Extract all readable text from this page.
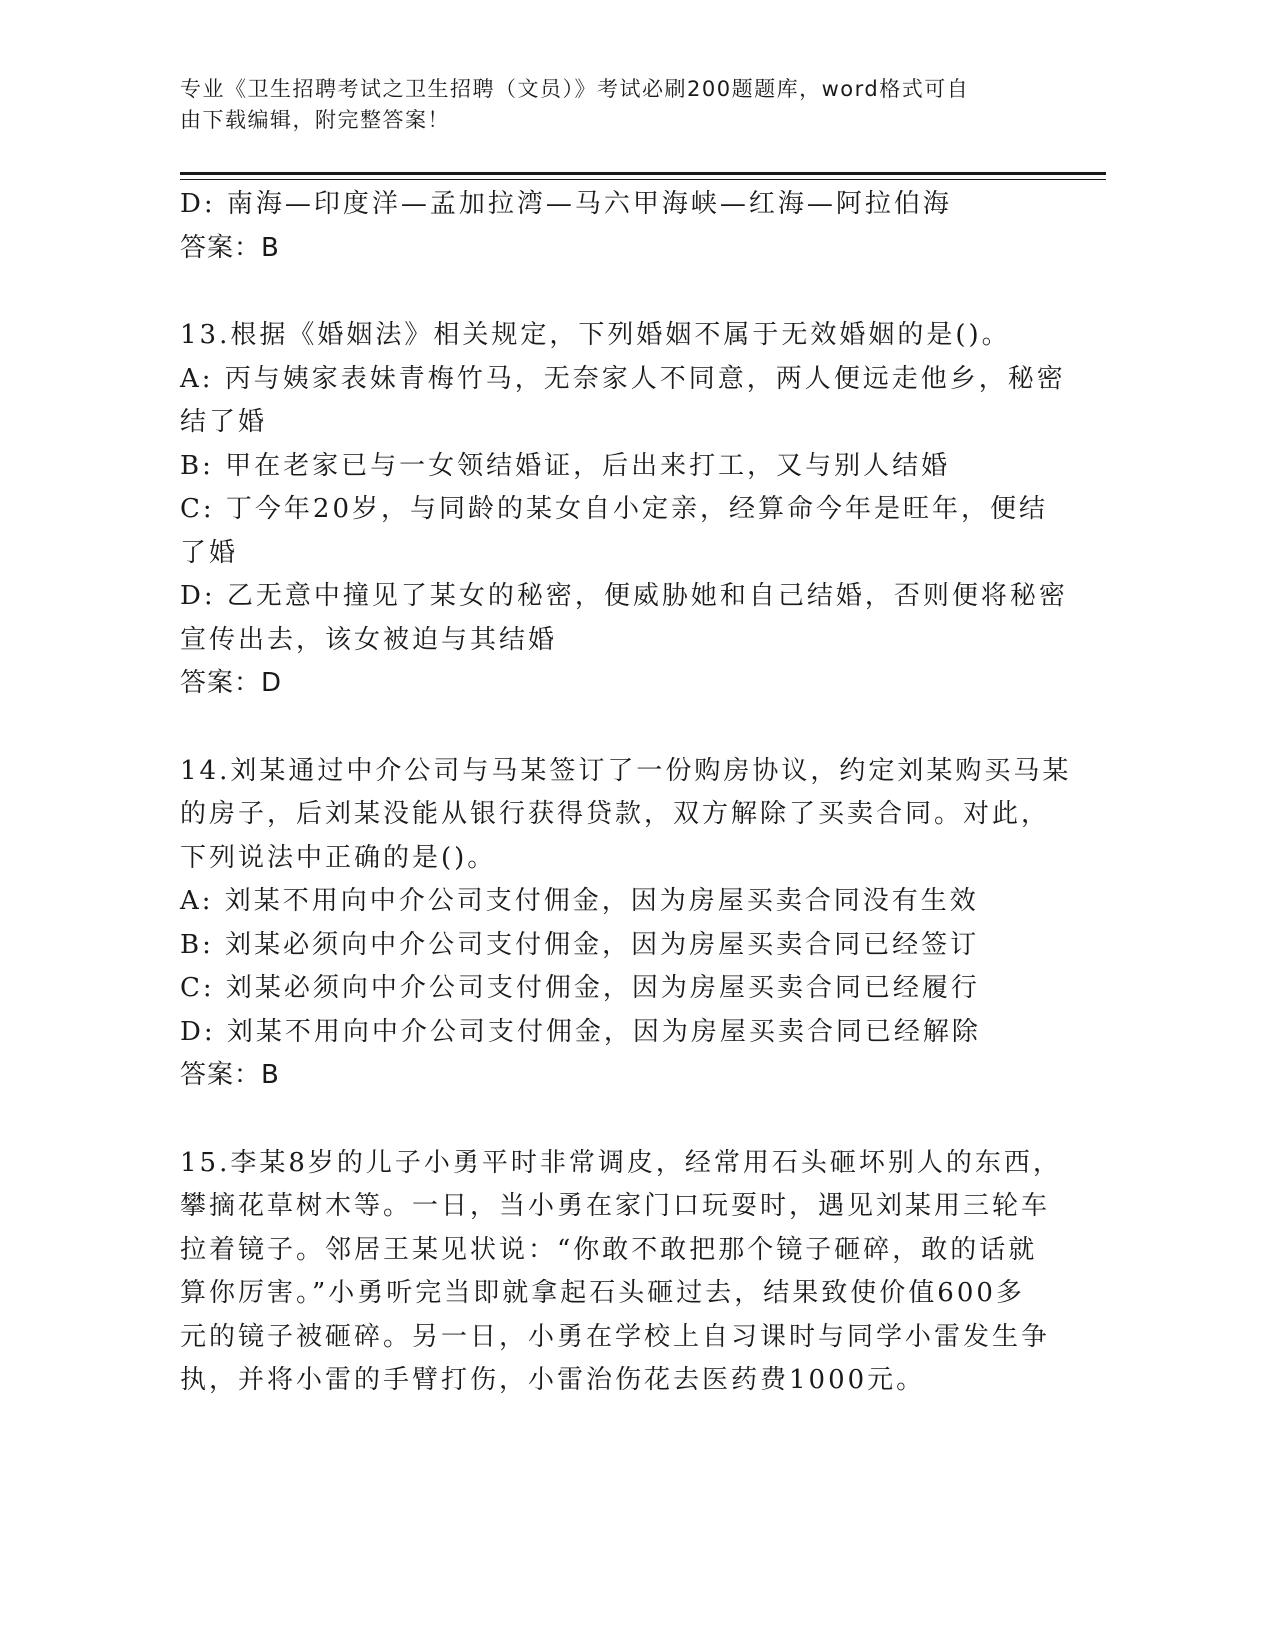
专业《卫生招聘考试之卫生招聘（文员）》考试必刷200题题库，word格式可自
由下载编辑，附完整答案！
D: 南海—印度洋—孟加拉湾—马六甲海峡—红海—阿拉伯海
答案：B
13.根据《婚姻法》相关规定，下列婚姻不属于无效婚姻的是()。
A: 丙与姨家表妹青梅竹马，无奈家人不同意，两人便远走他乡，秘密
结了婚
B: 甲在老家已与一女领结婚证，后出来打工，又与别人结婚
C: 丁今年20岁，与同龄的某女自小定亲，经算命今年是旺年，便结
了婚
D: 乙无意中撞见了某女的秘密，便威胁她和自己结婚，否则便将秘密
宣传出去，该女被迫与其结婚
答案：D
14.刘某通过中介公司与马某签订了一份购房协议，约定刘某购买马某
的房子，后刘某没能从银行获得贷款，双方解除了买卖合同。对此，
下列说法中正确的是()。
A: 刘某不用向中介公司支付佣金，因为房屋买卖合同没有生效
B: 刘某必须向中介公司支付佣金，因为房屋买卖合同已经签订
C: 刘某必须向中介公司支付佣金，因为房屋买卖合同已经履行
D: 刘某不用向中介公司支付佣金，因为房屋买卖合同已经解除
答案：B
15.李某8岁的儿子小勇平时非常调皮，经常用石头砸坏别人的东西，
攀摘花草树木等。一日，当小勇在家门口玩耍时，遇见刘某用三轮车
拉着镜子。邻居王某见状说：“你敢不敢把那个镜子砸碎，敢的话就
算你厉害。”小勇听完当即就拿起石头砸过去，结果致使价值600多
元的镜子被砸碎。另一日，小勇在学校上自习课时与同学小雷发生争
执，并将小雷的手臂打伤，小雷治伤花去医药费1000元。
